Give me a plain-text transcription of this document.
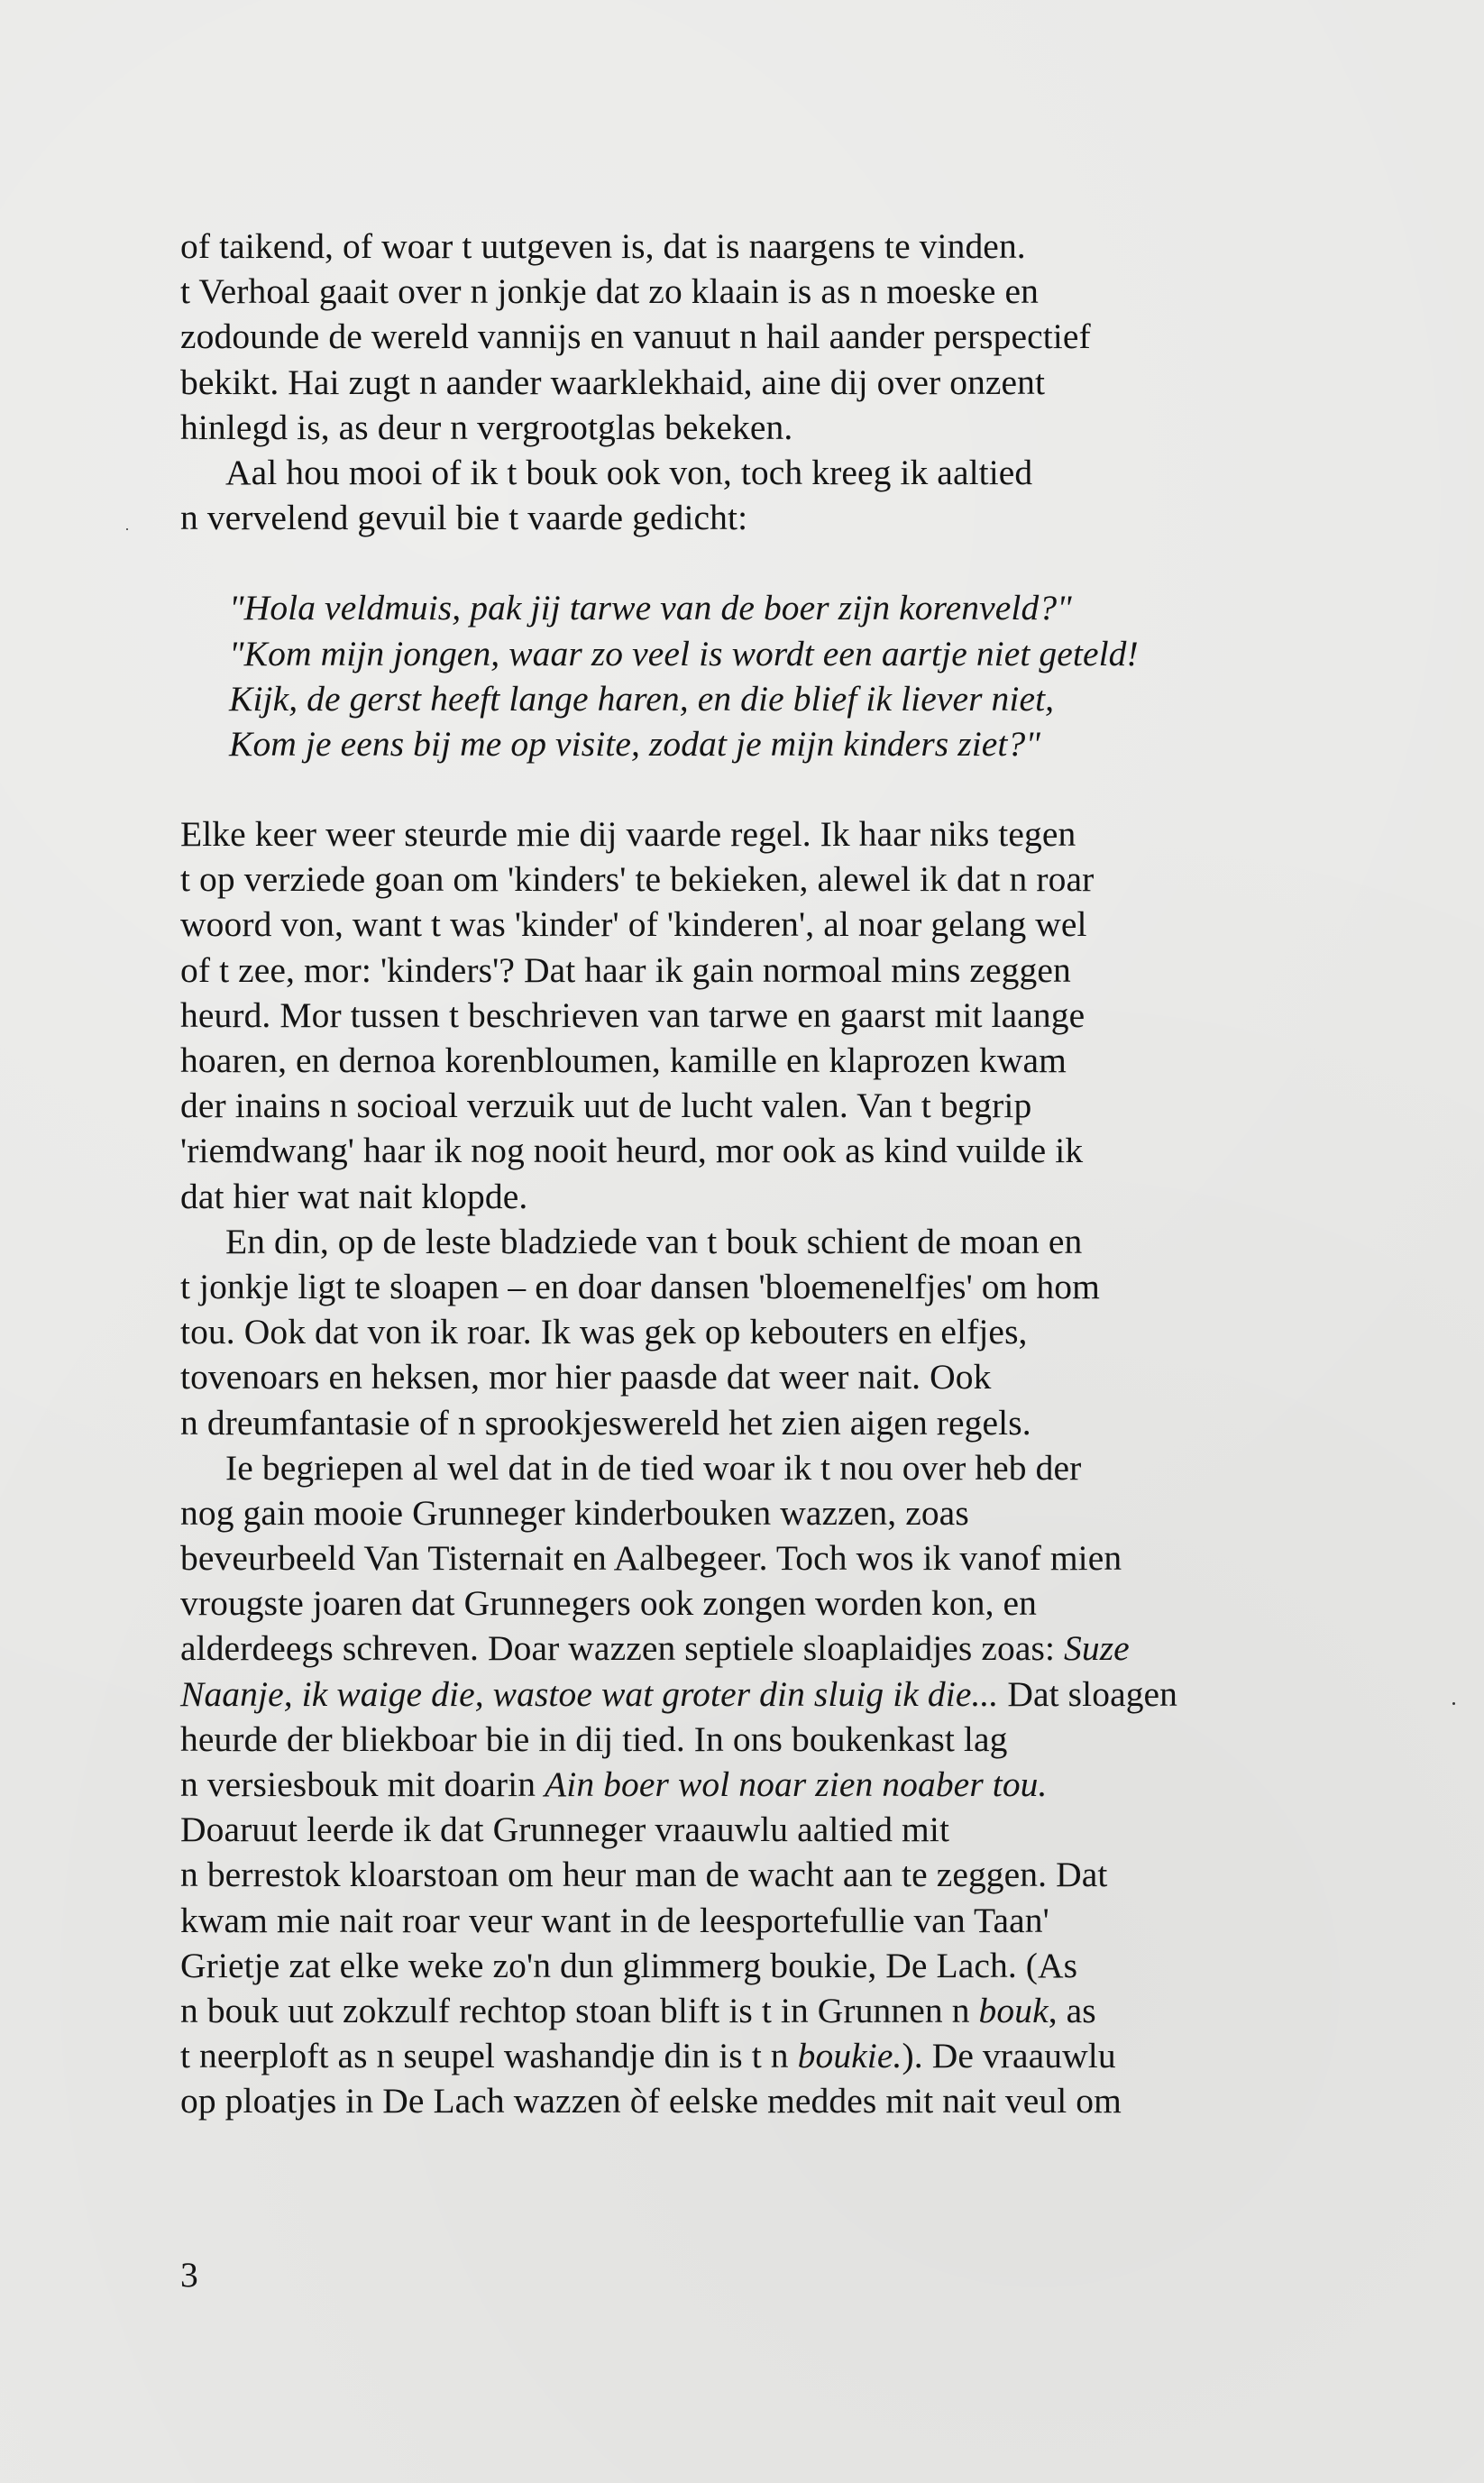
of taikend, of woar t uutgeven is, dat is naargens te vinden.
t Verhoal gaait over n jonkje dat zo klaain is as n moeske en
zodounde de wereld vannijs en vanuut n hail aander perspectief
bekikt. Hai zugt n aander waarklekhaid, aine dij over onzent
hinlegd is, as deur n vergrootglas bekeken.
Aal hou mooi of ik t bouk ook von, toch kreeg ik aaltied
n vervelend gevuil bie t vaarde gedicht:
"Hola veldmuis, pak jij tarwe van de boer zijn korenveld?"
"Kom mijn jongen, waar zo veel is wordt een aartje niet geteld!
Kijk, de gerst heeft lange haren, en die blief ik liever niet,
Kom je eens bij me op visite, zodat je mijn kinders ziet?"
Elke keer weer steurde mie dij vaarde regel. Ik haar niks tegen
t op verziede goan om 'kinders' te bekieken, alewel ik dat n roar
woord von, want t was 'kinder' of 'kinderen', al noar gelang wel
of t zee, mor: 'kinders'? Dat haar ik gain normoal mins zeggen
heurd. Mor tussen t beschrieven van tarwe en gaarst mit laange
hoaren, en dernoa korenbloumen, kamille en klaprozen kwam
der inains n socioal verzuik uut de lucht valen. Van t begrip
'riemdwang' haar ik nog nooit heurd, mor ook as kind vuilde ik
dat hier wat nait klopde.
En din, op de leste bladziede van t bouk schient de moan en
t jonkje ligt te sloapen – en doar dansen 'bloemenelfjes' om hom
tou. Ook dat von ik roar. Ik was gek op kebouters en elfjes,
tovenoars en heksen, mor hier paasde dat weer nait. Ook
n dreumfantasie of n sprookjeswereld het zien aigen regels.
Ie begriepen al wel dat in de tied woar ik t nou over heb der
nog gain mooie Grunneger kinderbouken wazzen, zoas
beveurbeeld Van Tisternait en Aalbegeer. Toch wos ik vanof mien
vrougste joaren dat Grunnegers ook zongen worden kon, en
alderdeegs schreven. Doar wazzen septiele sloaplaidjes zoas: Suze
Naanje, ik waige die, wastoe wat groter din sluig ik die... Dat sloagen
heurde der bliekboar bie in dij tied. In ons boukenkast lag
n versiesbouk mit doarin Ain boer wol noar zien noaber tou.
Doaruut leerde ik dat Grunneger vraauwlu aaltied mit
n berrestok kloarstoan om heur man de wacht aan te zeggen. Dat
kwam mie nait roar veur want in de leesportefullie van Taan'
Grietje zat elke weke zo'n dun glimmerg boukie, De Lach. (As
n bouk uut zokzulf rechtop stoan blift is t in Grunnen n bouk, as
t neerploft as n seupel washandje din is t n boukie.). De vraauwlu
op ploatjes in De Lach wazzen òf eelske meddes mit nait veul om
3
